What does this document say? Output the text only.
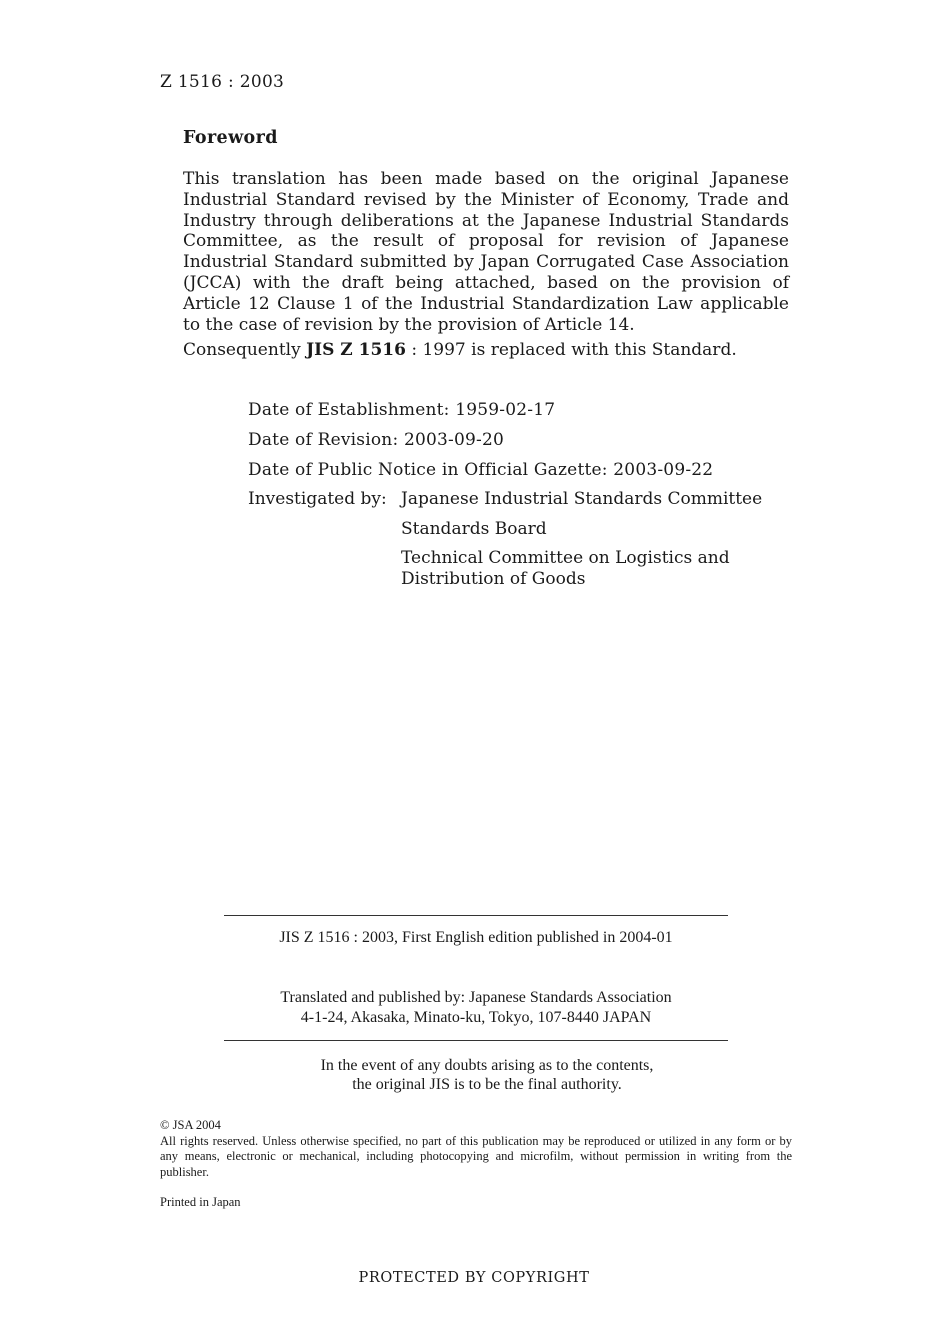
Z 1516 : 2003
Foreword
This translation has been made based on the original Japanese Industrial Standard revised by the Minister of Economy, Trade and Industry through deliberations at the Japanese Industrial Standards Committee, as the result of proposal for revision of Japanese Industrial Standard submitted by Japan Corrugated Case Association (JCCA) with the draft being attached, based on the provision of Article 12 Clause 1 of the Industrial Standardization Law applicable to the case of revision by the provision of Article 14.
Consequently JIS Z 1516 : 1997 is replaced with this Standard.
Date of Establishment: 1959-02-17
Date of Revision: 2003-09-20
Date of Public Notice in Official Gazette: 2003-09-22
Investigated by: Japanese Industrial Standards Committee
Standards Board
Technical Committee on Logistics and
Distribution of Goods
JIS Z 1516 : 2003, First English edition published in 2004-01
Translated and published by: Japanese Standards Association
4-1-24, Akasaka, Minato-ku, Tokyo, 107-8440 JAPAN
In the event of any doubts arising as to the contents,
the original JIS is to be the final authority.
© JSA 2004
All rights reserved. Unless otherwise specified, no part of this publication may be reproduced or utilized in any form or by any means, electronic or mechanical, including photocopying and microfilm, without permission in writing from the publisher.
Printed in Japan
PROTECTED BY COPYRIGHT
